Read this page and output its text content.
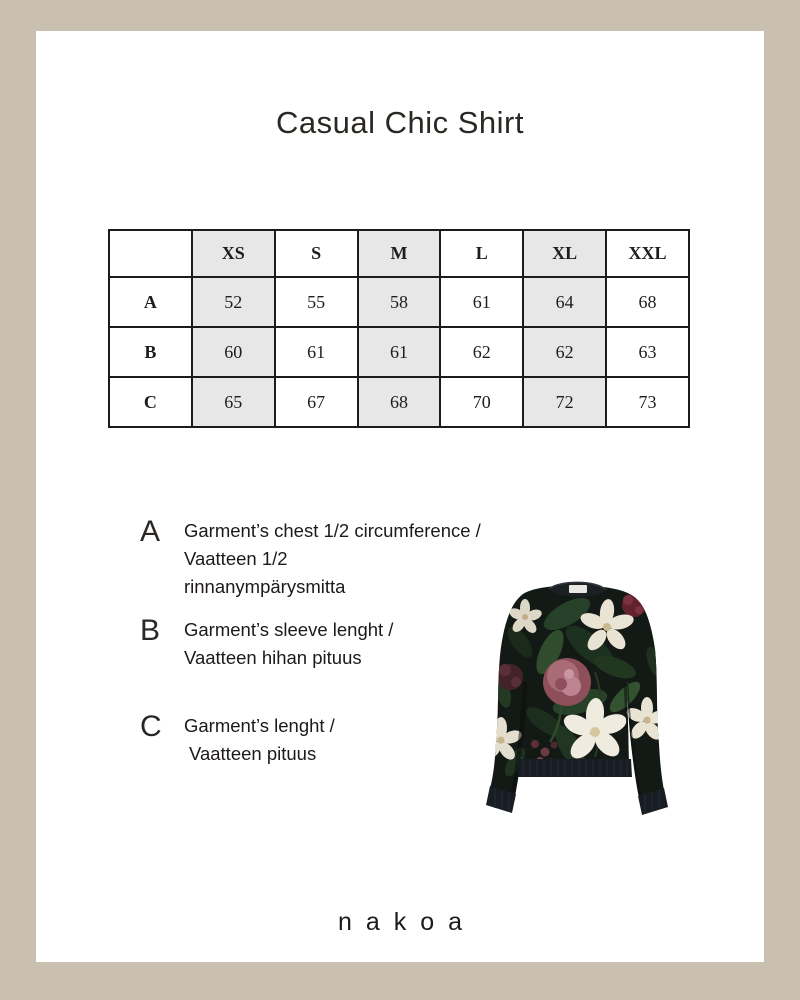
Casual Chic Shirt
	XS	S	M	L	XL	XXL
A	52	55	58	61	64	68
B	60	61	61	62	62	63
C	65	67	68	70	72	73
A	Garment’s chest 1/2 circumference / Vaatteen 1/2
rinnanympärysmitta
B	Garment’s sleeve lenght /
Vaatteen hihan pituus
C	Garment’s lenght /
Vaatteen pituus
nakoa
